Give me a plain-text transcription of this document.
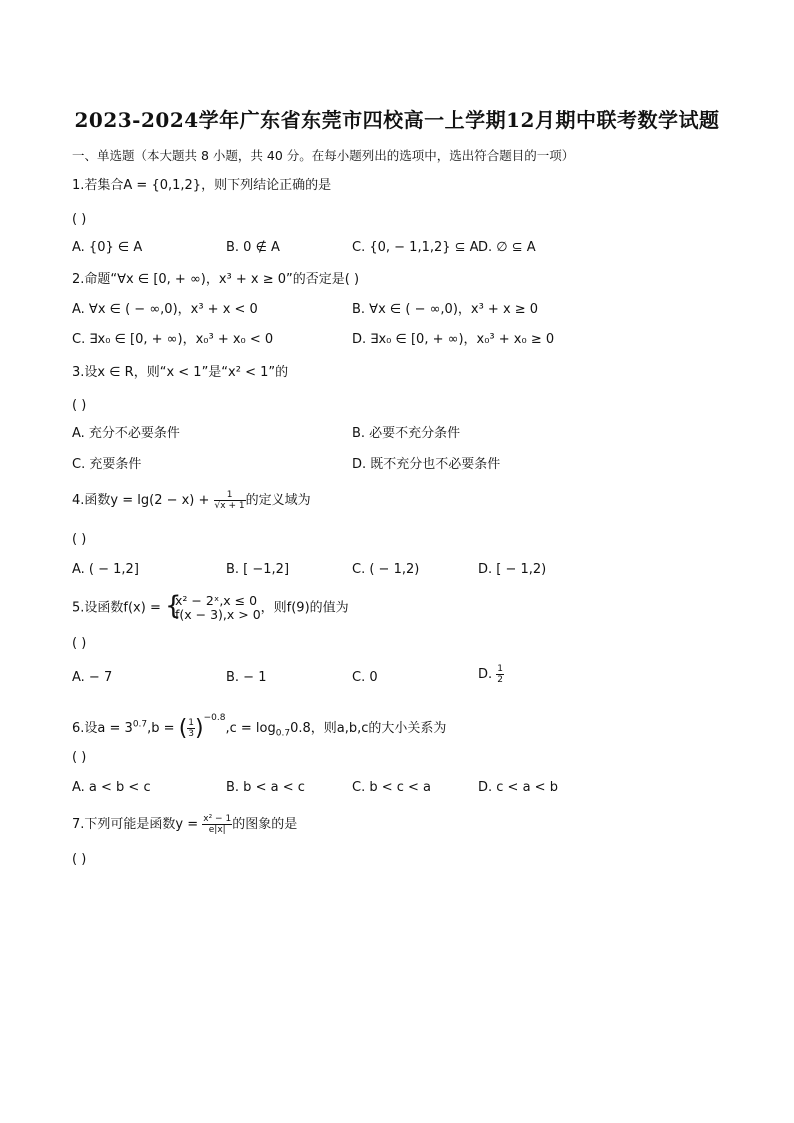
2023-2024学年广东省东莞市四校高一上学期12月期中联考数学试题
一、单选题（本大题共 8 小题，共 40 分。在每小题列出的选项中，选出符合题目的一项）
1.若集合A = {0,1,2}，则下列结论正确的是
( )
A. {0} ∈ A	B. 0 ∉ A	C. {0, − 1,1,2} ⊆ A D. ∅ ⊆ A
2.命题“∀x ∈ [0, + ∞)，x³ + x ≥ 0”的否定是( )
A. ∀x ∈ ( − ∞,0)，x³ + x < 0	B. ∀x ∈ ( − ∞,0)，x³ + x ≥ 0
C. ∃x₀ ∈ [0, + ∞)，x₀³ + x₀ < 0	D. ∃x₀ ∈ [0, + ∞)，x₀³ + x₀ ≥ 0
3.设x ∈ R，则“x < 1”是“x² < 1”的
( )
A. 充分不必要条件	B. 必要不充分条件
C. 充要条件	D. 既不充分也不必要条件
4.函数$y = \lg(2 - x) + \frac{1}{√x + 1}$ 的定义域为
( )
A. ( − 1,2]	B. [ −1,2]	C. ( − 1,2)	D. [ − 1,2)
5.设函数f(x) = {
x² − 2ˣ,x ≤ 0
f(x − 3),x > 0 ，则f(9)的值为
( )
A. − 7	B. − 1	C. 0	D. $\frac{1}{2}$
6.设$a = 3^{0.7},b$ = ( $\frac{1}{3} )^{-0.8},c = \log_{0.7}0.8$，则a,b,c的大小关系为
( )
A. a < b < c	B. b < a < c	C. b < c < a	D. c < a < b
7.下列可能是函数$y = \frac{\text{x² − 1}}{e|x|}$ 的图象的是
( )
